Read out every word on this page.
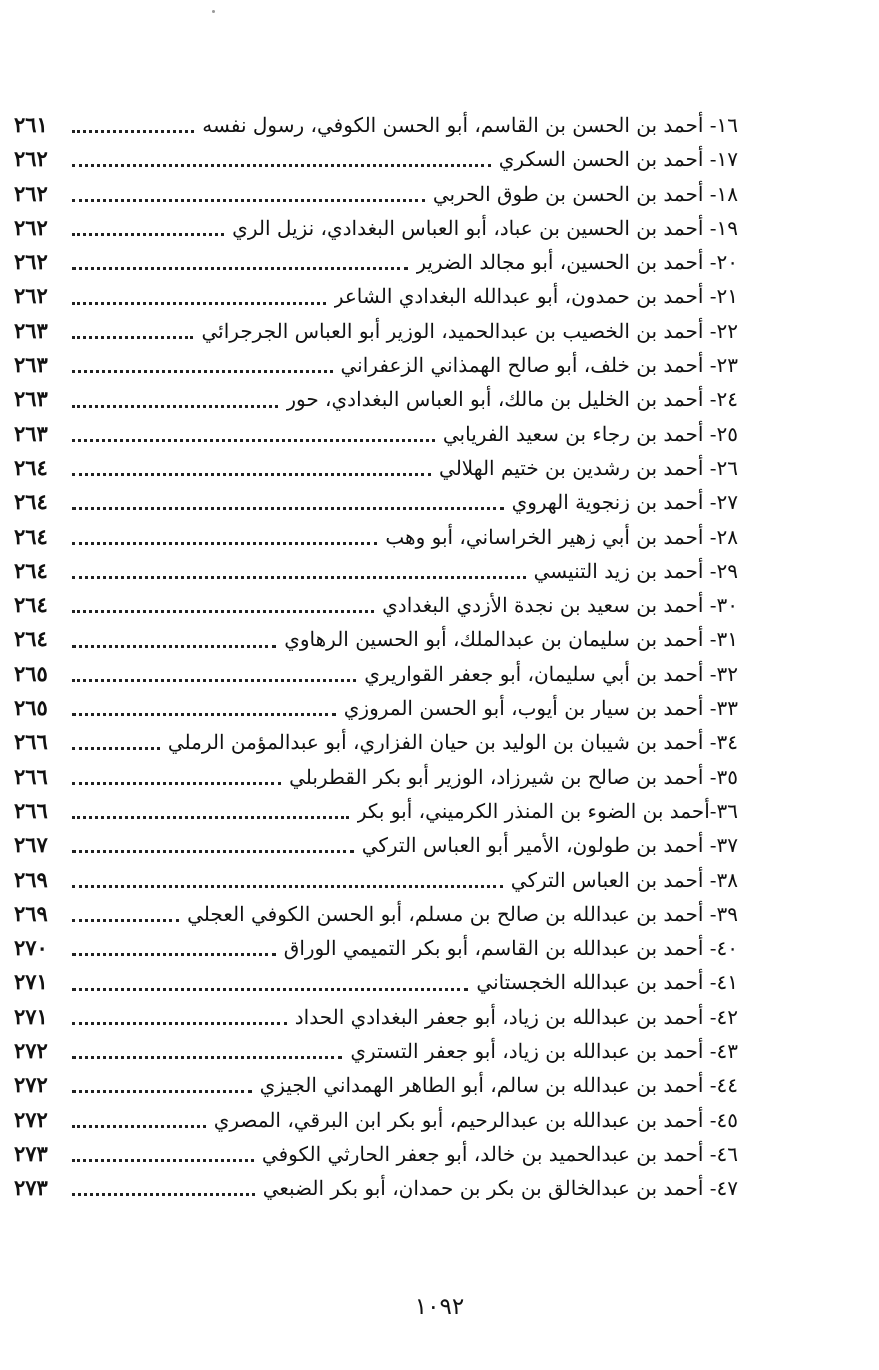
١٦- أحمد بن الحسن بن القاسم، أبو الحسن الكوفي، رسول نفسه
٢٦١
١٧- أحمد بن الحسن السكري
٢٦٢
١٨- أحمد بن الحسن بن طوق الحربي
٢٦٢
١٩- أحمد بن الحسين بن عباد، أبو العباس البغدادي، نزيل الري
٢٦٢
٢٠- أحمد بن الحسين، أبو مجالد الضرير
٢٦٢
٢١- أحمد بن حمدون، أبو عبدالله البغدادي الشاعر
٢٦٢
٢٢- أحمد بن الخصيب بن عبدالحميد، الوزير أبو العباس الجرجرائي
٢٦٣
٢٣- أحمد بن خلف، أبو صالح الهمذاني الزعفراني
٢٦٣
٢٤- أحمد بن الخليل بن مالك، أبو العباس البغدادي، حور
٢٦٣
٢٥- أحمد بن رجاء بن سعيد الفريابي
٢٦٣
٢٦- أحمد بن رشدين بن ختيم الهلالي
٢٦٤
٢٧- أحمد بن زنجوية الهروي
٢٦٤
٢٨- أحمد بن أبي زهير الخراساني، أبو وهب
٢٦٤
٢٩- أحمد بن زيد التنيسي
٢٦٤
٣٠- أحمد بن سعيد بن نجدة الأزدي البغدادي
٢٦٤
٣١- أحمد بن سليمان بن عبدالملك، أبو الحسين الرهاوي
٢٦٤
٣٢- أحمد بن أبي سليمان، أبو جعفر القواريري
٢٦٥
٣٣- أحمد بن سيار بن أيوب، أبو الحسن المروزي
٢٦٥
٣٤- أحمد بن شيبان بن الوليد بن حيان الفزاري، أبو عبدالمؤمن الرملي
٢٦٦
٣٥- أحمد بن صالح بن شيرزاد، الوزير أبو بكر القطربلي
٢٦٦
٣٦-أحمد بن الضوء بن المنذر الكرميني، أبو بكر
٢٦٦
٣٧- أحمد بن طولون، الأمير أبو العباس التركي
٢٦٧
٣٨- أحمد بن العباس التركي
٢٦٩
٣٩- أحمد بن عبدالله بن صالح بن مسلم، أبو الحسن الكوفي العجلي
٢٦٩
٤٠- أحمد بن عبدالله بن القاسم، أبو بكر التميمي الوراق
٢٧٠
٤١- أحمد بن عبدالله الخجستاني
٢٧١
٤٢- أحمد بن عبدالله بن زياد، أبو جعفر البغدادي الحداد
٢٧١
٤٣- أحمد بن عبدالله بن زياد، أبو جعفر التستري
٢٧٢
٤٤- أحمد بن عبدالله بن سالم، أبو الطاهر الهمداني الجيزي
٢٧٢
٤٥- أحمد بن عبدالله بن عبدالرحيم، أبو بكر ابن البرقي، المصري
٢٧٢
٤٦- أحمد بن عبدالحميد بن خالد، أبو جعفر الحارثي الكوفي
٢٧٣
٤٧- أحمد بن عبدالخالق بن بكر بن حمدان، أبو بكر الضبعي
٢٧٣
١٠٩٢
